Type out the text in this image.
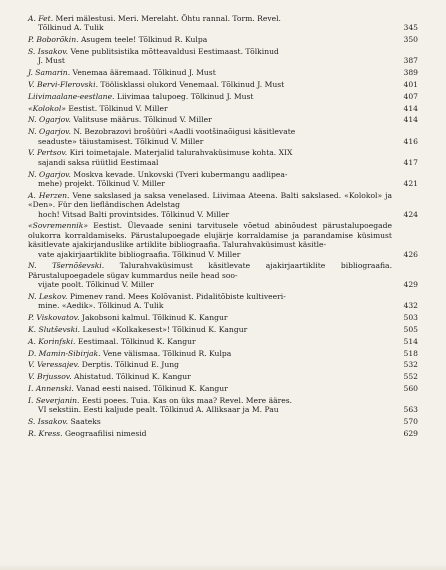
A. Fet. Meri mälestusi. Meri. Merelaht. Õhtu rannal. Torm. Revel.
Tõlkinud A. Tulik	345
P. Boborõkin. Asugem teele! Tõlkinud R. Kulpa	350
S. Issakov. Vene publitsistika mõtteavaldusi Eestimaast. Tõlkinud
J. Must	387
J. Samarin. Venemaa ääremaad. Tõlkinud J. Must	389
V. Bervi-Flerovski. Töölisklassi olukord Venemaal. Tõlkinud J. Must	401
Liivimaalane-eestlane. Liivimaa talupoeg. Tõlkinud J. Must	407
«Kolokol» Eestist. Tõlkinud V. Miller	414
N. Ogarjov. Valitsuse määrus. Tõlkinud V. Miller	414
N. Ogarjov. N. Bezobrazovi brošüüri «Aadli vootšinaõigusi käsitlevate
seaduste» täiustamisest. Tõlkinud V. Miller	416
V. Pertsov. Kiri toimetajale. Materjalid talurahvaküsimuse kohta. XIX
sajandi saksa rüütlid Eestimaal	417
N. Ogarjov. Moskva kevade. Unkovski (Tveri kubermangu aadlipea-
mehe) projekt. Tõlkinud V. Miller	421
A. Herzen. Vene sakslased ja saksa venelased. Liivimaa Ateena. Balti sakslased. «Kolokol» ja «Den». Für den liefländischen Adelstag
hoch! Vitsad Balti provintsides. Tõlkinud V. Miller	424
«Sovremennik» Eestist. Ülevaade senini tarvitusele võetud abinõudest pärustalupoegade olukorra korraldamiseks. Pärustalupoegade elujärje korraldamise ja parandamise küsimust käsitlevate ajakirjanduslike artiklite bibliograafia. Talurahvaküsimust käsitle-
vate ajakirjaartiklite bibliograafia. Tõlkinud V. Miller	426
N. Tšernõševski. Talurahvaküsimust käsitlevate ajakirjaartiklite bibliograafia. Pärustalupoegadele sügav kummardus neile head soo-
vijate poolt. Tõlkinud V. Miller	429
N. Leskov. Pimenev rand. Mees Kolõvanist. Pidalitõbiste kultiveeri-
mine. «Aedik». Tõlkinud A. Tulik	432
P. Viskovatov. Jakobsoni kalmul. Tõlkinud K. Kangur	503
K. Slutševski. Laulud «Kolkakesest»! Tõlkinud K. Kangur	505
A. Korinfski. Eestimaal. Tõlkinud K. Kangur	514
D. Mamin-Sibirjak. Vene välismaa. Tõlkinud R. Kulpa	518
V. Veressajev. Derptis. Tõlkinud E. Jung	532
V. Brjussov. Ahistatud. Tõlkinud K. Kangur	552
I. Annenski. Vanad eesti naised. Tõlkinud K. Kangur	560
I. Severjanin. Eesti poees. Tuia. Kas on üks maa? Revel. Mere ääres.
VI sekstiin. Eesti kaljude pealt. Tõlkinud A. Alliksaar ja M. Pau	563
S. Issakov. Saateks	570
R. Kress. Geograafilisi nimesid	629
